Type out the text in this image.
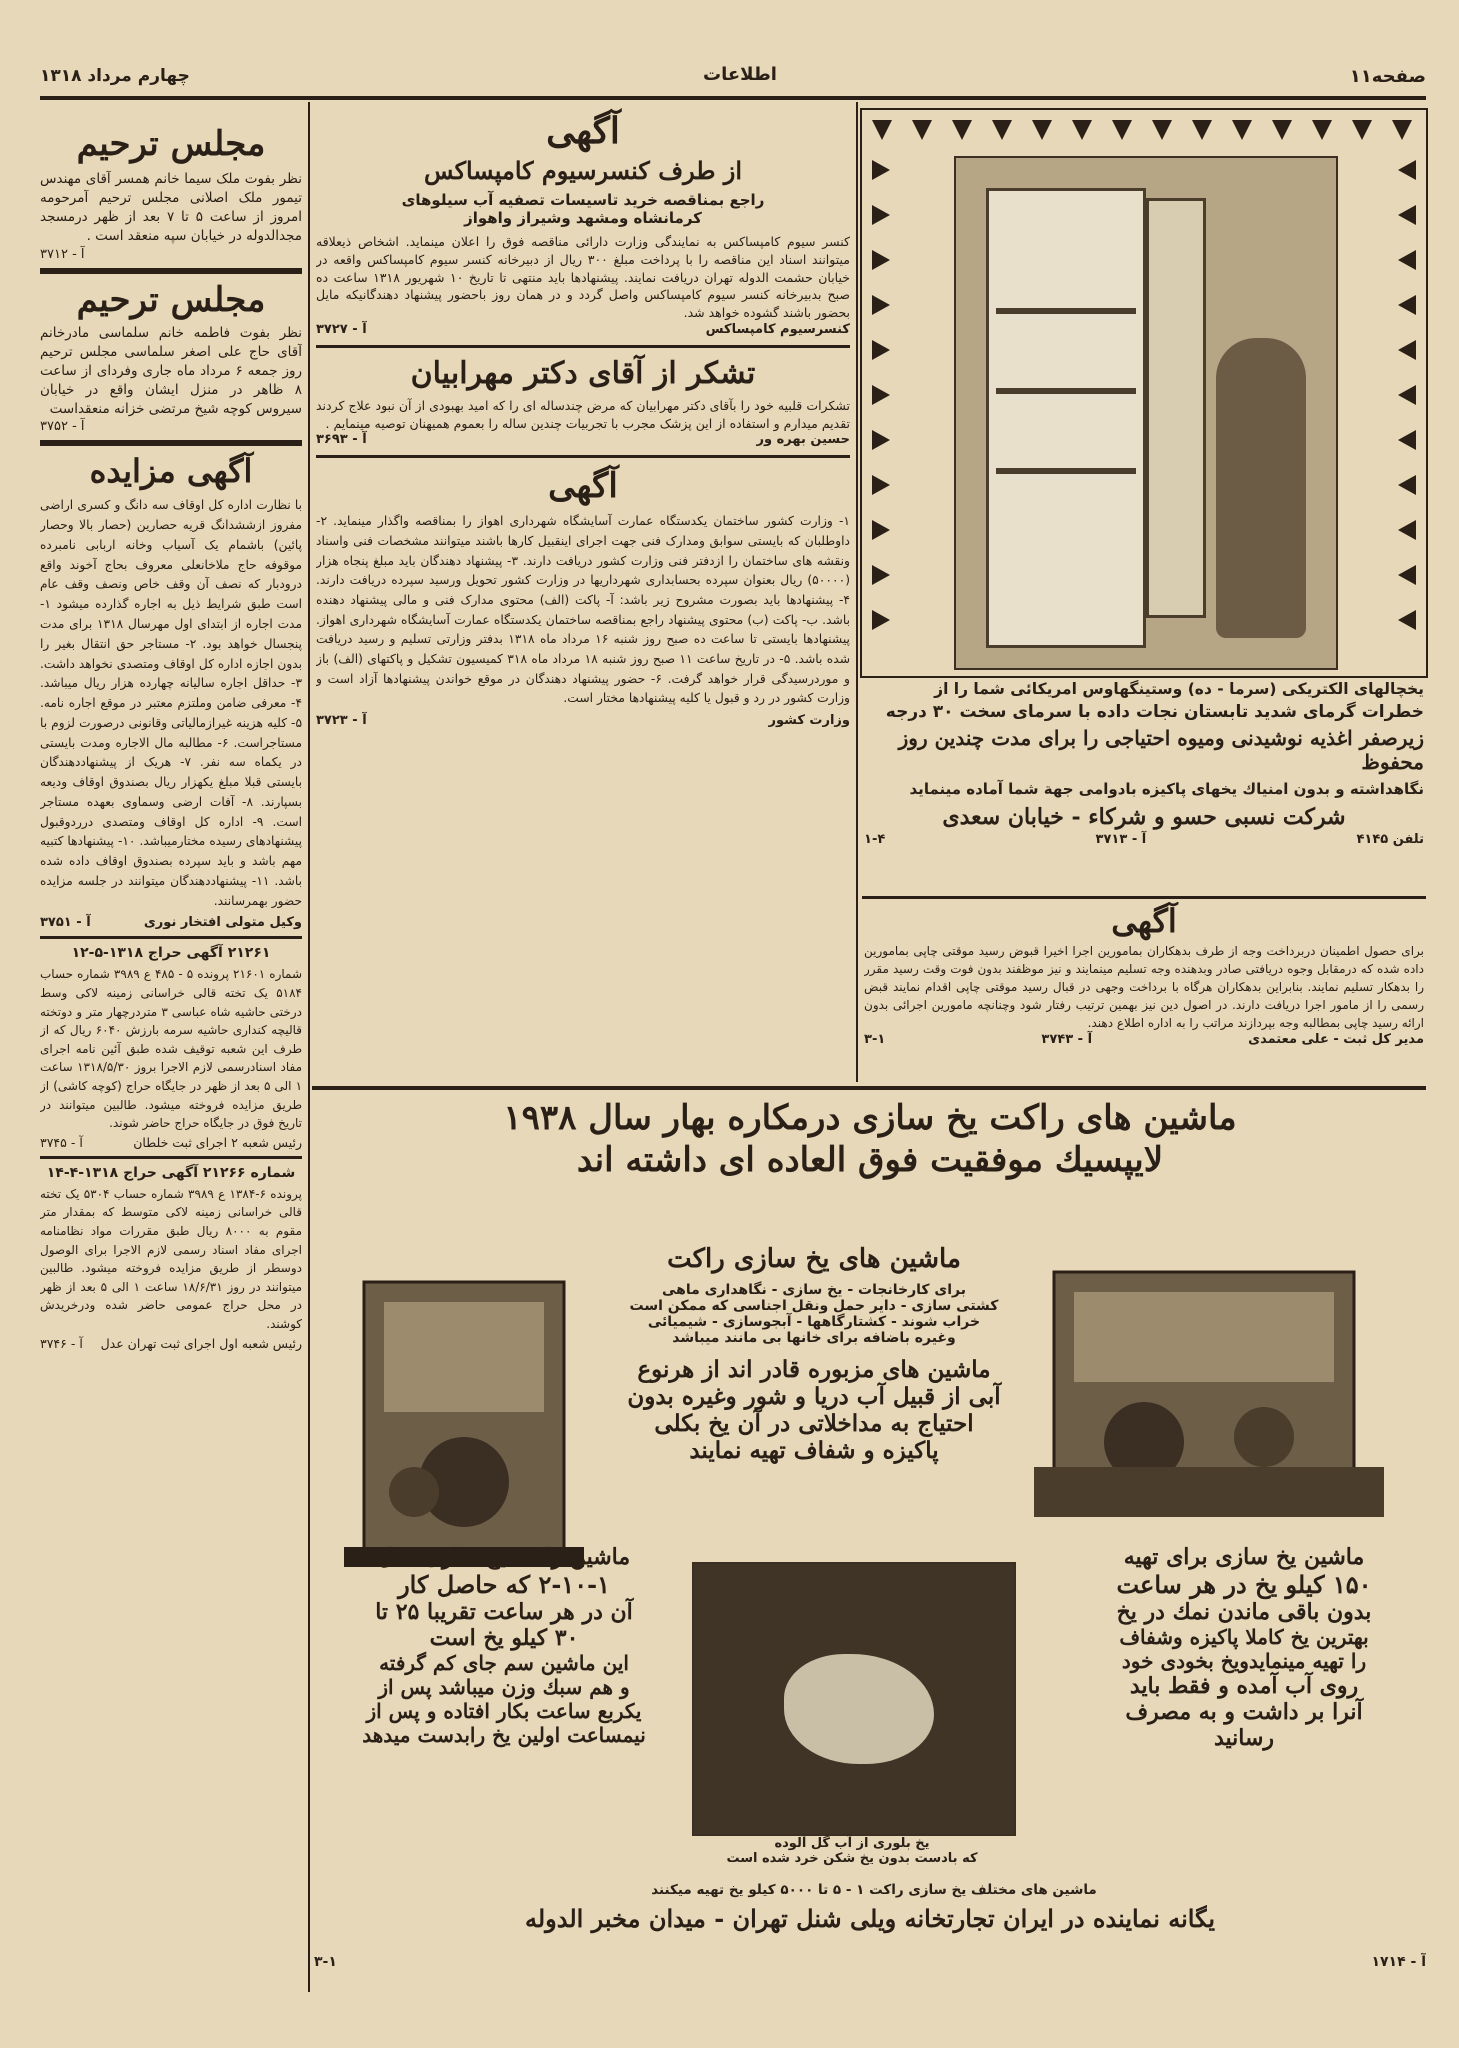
صفحه۱۱
اطلاعات
چهارم مرداد ۱۳۱۸
مجلس ترحیم
نظر بفوت ملک سیما خانم همسر آقای مهندس تیمور ملک اصلانی مجلس ترحیم آمرحومه امروز از ساعت ۵ تا ۷ بعد از ظهر درمسجد مجدالدوله در خیابان سپه منعقد است .
آ - ۳۷۱۲
مجلس ترحیم
نظر بفوت فاطمه خانم سلماسی مادرخانم آقای حاج علی اصغر سلماسی مجلس ترحیم روز جمعه ۶ مرداد ماه جاری وفردای از ساعت ۸ ظاهر در منزل ایشان واقع در خیابان سیروس کوچه شیخ مرتضی خزانه منعقداست
آ - ۳۷۵۲
آگهی مزایده
با نظارت اداره کل اوقاف سه دانگ و کسری اراضی مفروز ازششدانگ قریه حصارین (حصار بالا وحصار پائین) باشمام یک آسیاب وخانه اربابی نامبرده موقوفه حاج ملاخانعلی معروف بحاج آخوند واقع درودبار که نصف آن وقف خاص ونصف وقف عام است طبق شرایط ذیل به اجاره گذارده میشود ۱- مدت اجاره از ابتدای اول مهرسال ۱۳۱۸ برای مدت پنجسال خواهد بود. ۲- مستاجر حق انتقال بغیر را بدون اجازه اداره کل اوقاف ومتصدی نخواهد داشت. ۳- حداقل اجاره سالیانه چهارده هزار ریال میباشد. ۴- معرفی ضامن وملتزم معتبر در موقع اجاره نامه. ۵- کلیه هزینه غیرازمالیاتی وقانونی درصورت لزوم با مستاجراست. ۶- مطالبه مال الاجاره ومدت بایستی در یکماه سه نفر. ۷- هریک از پیشنهاددهندگان بایستی قبلا مبلغ یکهزار ریال بصندوق اوقاف ودیعه بسپارند. ۸- آفات ارضی وسماوی بعهده مستاجر است. ۹- اداره کل اوقاف ومتصدی درردوقبول پیشنهادهای رسیده مختارمیباشد. ۱۰- پیشنهادها کتبیه مهم باشد و باید سپرده بصندوق اوقاف داده شده باشد. ۱۱- پیشنهاددهندگان میتوانند در جلسه مزایده حضور بهمرسانند.
وکیل متولی افتخار نوری
آ - ۳۷۵۱
۲۱۲۶۱ آگهی حراج ۱۳۱۸-۵-۱۲
شماره ۲۱۶۰۱ پرونده ۵ - ۴۸۵ ع ۳۹۸۹ شماره حساب ۵۱۸۴ یک تخته قالی خراسانی زمینه لاکی وسط درختی حاشیه شاه عباسی ۳ متردرچهار متر و دوتخته قالیچه کنداری حاشیه سرمه بارزش ۶۰۴۰ ریال که از طرف این شعبه توقیف شده طبق آئین نامه اجرای مفاد اسنادرسمی لازم الاجرا بروز ۱۳۱۸/۵/۳۰ ساعت ۱ الی ۵ بعد از ظهر در جایگاه حراج (کوچه کاشی) از طریق مزایده فروخته میشود. طالبین میتوانند در تاریخ فوق در جایگاه حراج حاضر شوند.
رئیس شعبه ۲ اجرای ثبت خلطان
آ - ۳۷۴۵
شماره ۲۱۲۶۶ آگهی حراج ۱۳۱۸-۴-۱۴
پرونده ۶-۱۳۸۴ ع ۳۹۸۹ شماره حساب ۵۳۰۴ یک تخته قالی خراسانی زمینه لاکی متوسط که بمقدار متر مقوم به ۸۰۰۰ ریال طبق مقررات مواد نظامنامه اجرای مفاد اسناد رسمی لازم الاجرا برای الوصول دوسطر از طریق مزایده فروخته میشود. طالبین میتوانند در روز ۱۸/۶/۳۱ ساعت ۱ الی ۵ بعد از ظهر در محل حراج عمومی حاضر شده ودرخریدش کوشند.
رئیس شعبه اول اجرای ثبت تهران عدل
آ - ۳۷۴۶
آگهی
از طرف کنسرسیوم کامپساکس
راجع بمناقصه خرید تاسیسات تصفیه آب سیلوهای کرمانشاه ومشهد وشیراز واهواز
کنسر سیوم کامپساکس به نمایندگی وزارت دارائی مناقصه فوق را اعلان مینماید. اشخاص ذیعلاقه میتوانند اسناد این مناقصه را با پرداخت مبلغ ۳۰۰ ریال از دبیرخانه کنسر سیوم کامپساکس واقعه در خیابان حشمت الدوله تهران دریافت نمایند. پیشنهادها باید منتهی تا تاریخ ۱۰ شهریور ۱۳۱۸ ساعت ده صبح بدبیرخانه کنسر سیوم کامپساکس واصل گردد و در همان روز باحضور پیشنهاد دهندگانیکه مایل بحضور باشند گشوده خواهد شد.
کنسرسیوم کامپساکس
آ - ۳۷۲۷
تشکر از آقای دکتر مهرابیان
تشکرات قلبیه خود را بآقای دکتر مهرابیان که مرض چندساله ای را که امید بهبودی از آن نبود علاج کردند تقدیم میدارم و استفاده از این پزشک مجرب با تجربیات چندین ساله را بعموم همیهنان توصیه مینمایم .
حسین بهره ور
آ - ۳۶۹۳
آگهی
۱- وزارت کشور ساختمان یکدستگاه عمارت آسایشگاه شهرداری اهواز را بمناقصه واگذار مینماید. ۲- داوطلبان که بایستی سوابق ومدارک فنی جهت اجرای اینقبیل کارها باشند میتوانند مشخصات فنی واسناد ونقشه های ساختمان را ازدفتر فنی وزارت کشور دریافت دارند. ۳- پیشنهاد دهندگان باید مبلغ پنجاه هزار (۵۰۰۰۰) ریال بعنوان سپرده بحسابداری شهرداریها در وزارت کشور تحویل ورسید سپرده دریافت دارند. ۴- پیشنهادها باید بصورت مشروح زیر باشد: آ- پاکت (الف) محتوی مدارک فنی و مالی پیشنهاد دهنده باشد. ب- پاکت (ب) محتوی پیشنهاد راجع بمناقصه ساختمان یکدستگاه عمارت آسایشگاه شهرداری اهواز. پیشنهادها بایستی تا ساعت ده صبح روز شنبه ۱۶ مرداد ماه ۱۳۱۸ بدفتر وزارتی تسلیم و رسید دریافت شده باشد. ۵- در تاریخ ساعت ۱۱ صبح روز شنبه ۱۸ مرداد ماه ۳۱۸ کمیسیون تشکیل و پاکتهای (الف) باز و موردرسیدگی قرار خواهد گرفت. ۶- حضور پیشنهاد دهندگان در موقع خواندن پیشنهادها آزاد است و وزارت کشور در رد و قبول یا کلیه پیشنهادها مختار است.
وزارت کشور
آ - ۳۷۲۳
یخچالهای الکتریکی (سرما - ده) وستینگهاوس امریکائی شما را از
خطرات گرمای شدید تابستان نجات داده با سرمای سخت ۳۰ درجه
زیرصفر اغذیه نوشیدنی ومیوه احتیاجی را برای مدت چندین روز محفوظ
نگاهداشته و بدون امنیاك یخهای پاکیزه بادوامی جهة شما آماده مینماید
شرکت نسبی حسو و شرکاء - خیابان سعدی
تلفن ۴۱۴۵
آ - ۳۷۱۳
۱-۴
آگهی
برای حصول اطمینان دربرداخت وجه از طرف بدهکاران بمامورین اجرا اخیرا قبوض رسید موقتی چاپی بمامورین داده شده که درمقابل وجوه دریافتی صادر وبدهنده وجه تسلیم مینمایند و نیز موظفند بدون فوت وقت رسید مقرر را بدهکار تسلیم نمایند. بنابراین بدهکاران هرگاه با برداخت وجهی در قبال رسید موقتی چاپی اقدام نمایند قبض رسمی را از مامور اجرا دریافت دارند. در اصول دین نیز بهمین ترتیب رفتار شود وچنانچه مامورین اجرائی بدون ارائه رسید چاپی بمطالبه وجه بپردازند مراتب را به اداره اطلاع دهند.
مدیر کل ثبت - علی معتمدی
آ - ۳۷۴۳
۳-۱
ماشین های راکت یخ سازی درمکاره بهار سال ۱۹۳۸
لایپسیك موفقیت فوق العاده ای داشته اند
ماشین های یخ سازی راکت
برای کارخانجات - یخ سازی - نگاهداری ماهی
کشتی سازی - دایر حمل ونقل اجناسی که ممکن است
خراب شوند - کشتارگاهها - آبجوسازی - شیمیائی
وغیره باضافه برای خانها بی مانند میباشد
ماشین های مزبوره قادر اند از هرنوع
آبی از قبیل آب دریا و شور وغیره بدون
احتیاج به مداخلاتی در آن یخ بکلی
پاکیزه و شفاف تهیه نمایند
ماشین یخ سازی برای تهیه
۱۵۰ کیلو یخ در هر ساعت
بدون باقی ماندن نمك در یخ
بهترین یخ کاملا پاکیزه وشفاف
را تهیه مینمایدویخ بخودی خود
روی آب آمده و فقط باید
آنرا بر داشت و به مصرف
رسانید
یخ بلوری از آب گل آلوده
که بادست بدون یخ شکن خرد شده است
ماشین راکت یخ سازی مدل
۲-۱۰-۱ که حاصل کار
آن در هر ساعت تقریبا ۲۵ تا
۳۰ کیلو یخ است
این ماشین سم جای کم گرفته
و هم سبك وزن میباشد پس از
یکربع ساعت بکار افتاده و پس از
نیمساعت اولین یخ رابدست میدهد
ماشین های مختلف یخ سازی راکت ۱ - ۵ تا ۵۰۰۰ کیلو یخ تهیه میکنند
یگانه نماینده در ایران تجارتخانه ویلی شنل تهران - میدان مخبر الدوله
آ - ۱۷۱۴
۳-۱
